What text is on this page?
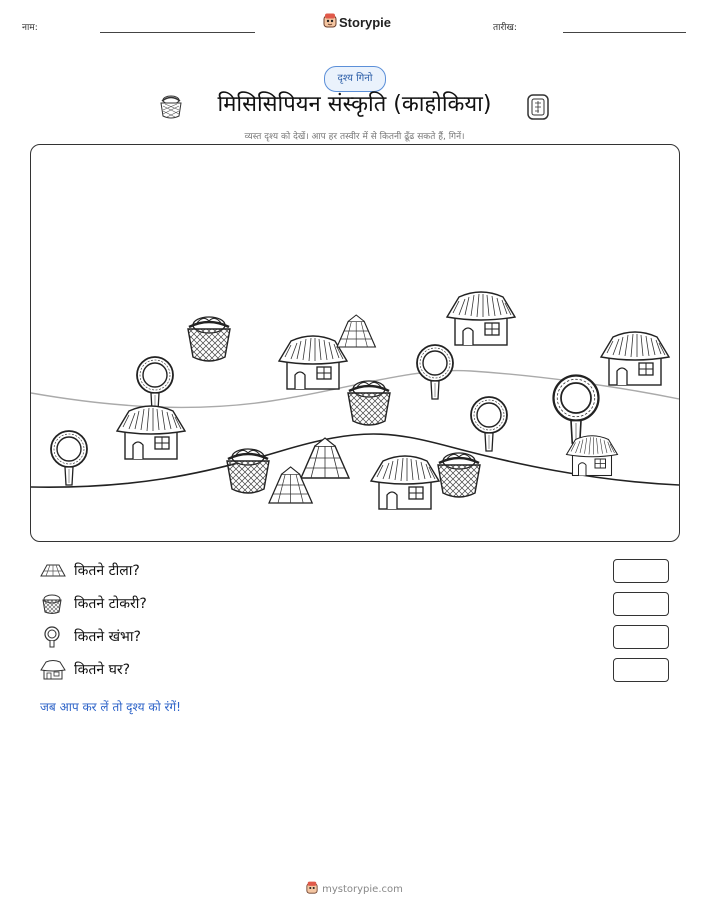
नाम:	Storypie	तारीख:
दृश्य गिनो
मिसिसिपियन संस्कृति (काहोकिया)
व्यस्त दृश्य को देखें। आप हर तस्वीर में से कितनी ढूँढ सकते हैं, गिनें।
कितने टीला?
कितने टोकरी?
कितने खंभा?
कितने घर?
जब आप कर लें तो दृश्य को रंगें!
mystorypie.com
